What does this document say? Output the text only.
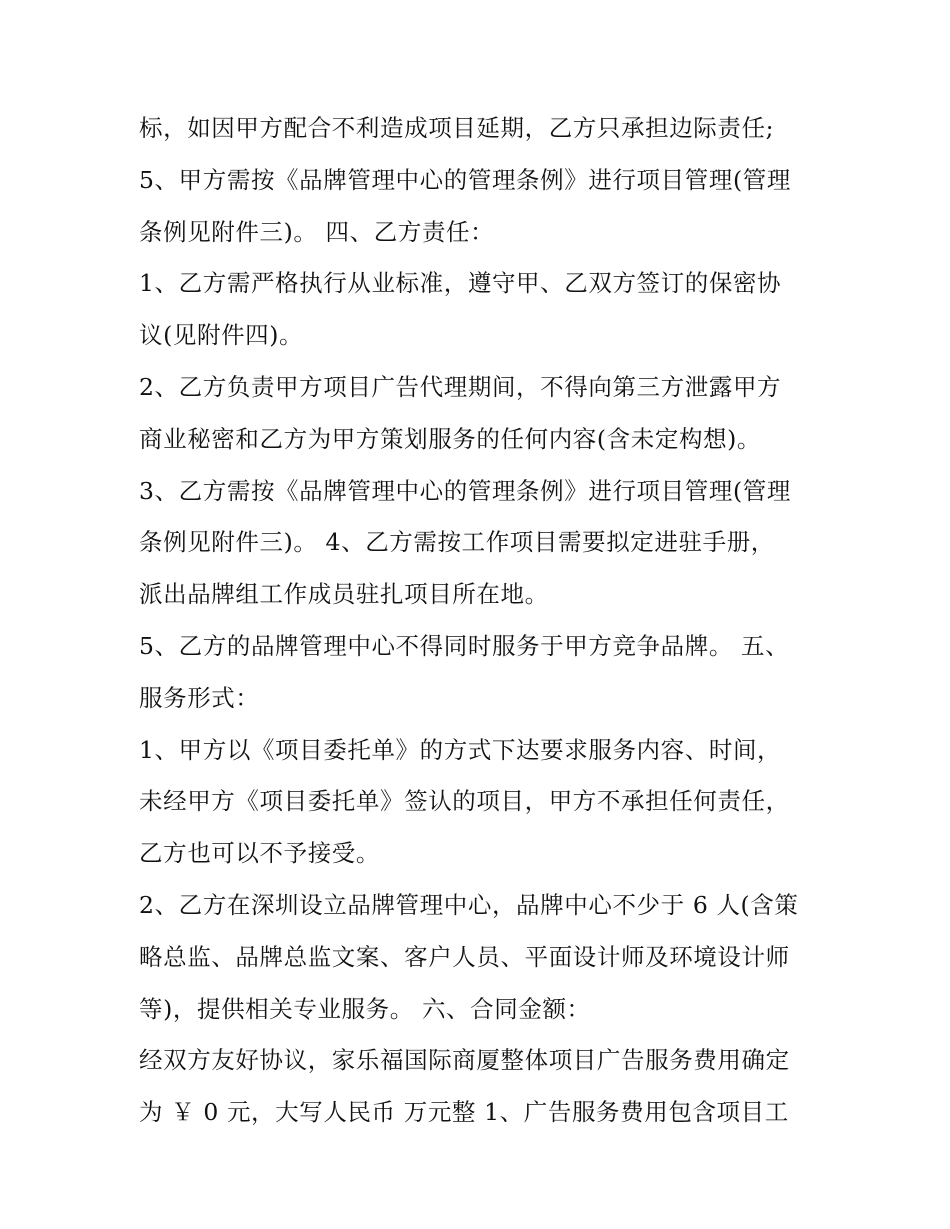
标，如因甲方配合不利造成项目延期，乙方只承担边际责任;
5、甲方需按《品牌管理中心的管理条例》进行项目管理(管理
条例见附件三)。 四、乙方责任：
1、乙方需严格执行从业标准，遵守甲、乙双方签订的保密协
议(见附件四)。
2、乙方负责甲方项目广告代理期间，不得向第三方泄露甲方
商业秘密和乙方为甲方策划服务的任何内容(含未定构想)。
3、乙方需按《品牌管理中心的管理条例》进行项目管理(管理
条例见附件三)。 4、乙方需按工作项目需要拟定进驻手册，
派出品牌组工作成员驻扎项目所在地。
5、乙方的品牌管理中心不得同时服务于甲方竞争品牌。 五、
服务形式：
1、甲方以《项目委托单》的方式下达要求服务内容、时间，
未经甲方《项目委托单》签认的项目，甲方不承担任何责任，
乙方也可以不予接受。
2、乙方在深圳设立品牌管理中心，品牌中心不少于 6 人(含策
略总监、品牌总监文案、客户人员、平面设计师及环境设计师
等)，提供相关专业服务。 六、合同金额：
经双方友好协议，家乐福国际商厦整体项目广告服务费用确定
为 ￥ 0 元，大写人民币 万元整 1、广告服务费用包含项目工
